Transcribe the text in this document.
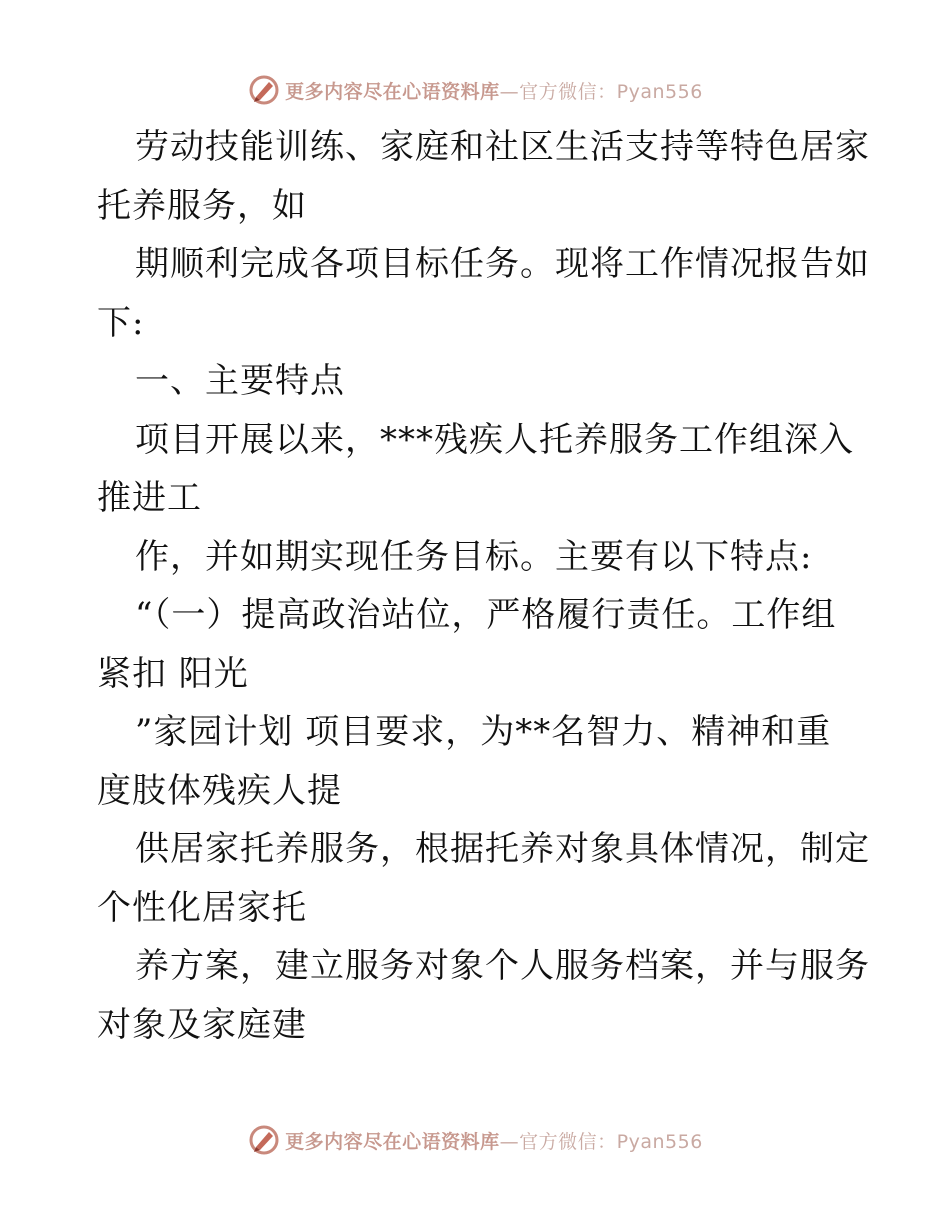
更多内容尽在心语资料库—官方微信：Pyan556
劳动技能训练、家庭和社区生活支持等特色居家
托养服务，如
期顺利完成各项目标任务。现将工作情况报告如
下:
一、主要特点
项目开展以来，***残疾人托养服务工作组深入
推进工
作，并如期实现任务目标。主要有以下特点:
“（一）提高政治站位，严格履行责任。工作组
紧扣 阳光
”家园计划 项目要求，为**名智力、精神和重
度肢体残疾人提
供居家托养服务，根据托养对象具体情况，制定
个性化居家托
养方案，建立服务对象个人服务档案，并与服务
对象及家庭建
更多内容尽在心语资料库—官方微信：Pyan556
